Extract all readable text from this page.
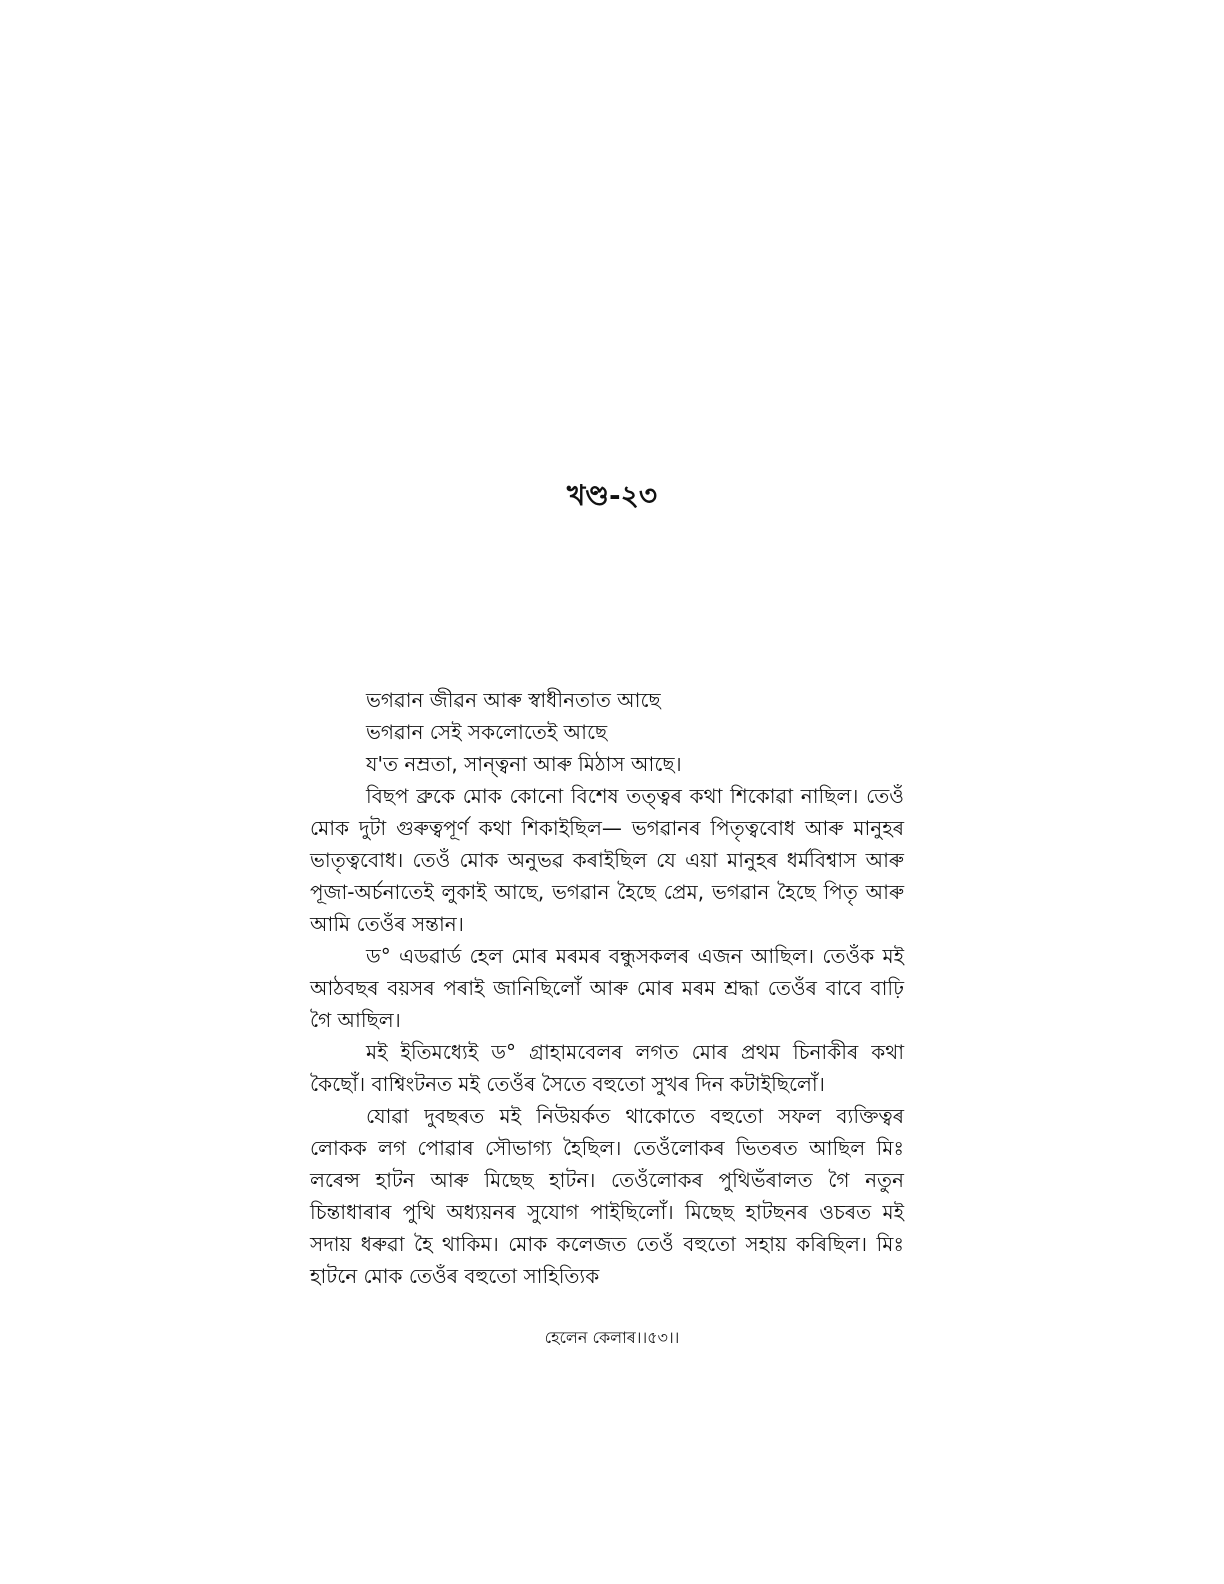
খণ্ড-২৩

ভগৱান জীৱন আৰু স্বাধীনতাত আছে

ভগৱান সেই সকলোতেই আছে

য'ত নম্রতা, সান্ত্বনা আৰু মিঠাস আছে।

বিছপ ব্রুকে মোক কোনো বিশেষ তত্ত্বৰ কথা শিকোৱা নাছিল। তেওঁ মোক দুটা গুৰুত্বপূৰ্ণ কথা শিকাইছিল— ভগৱানৰ পিতৃত্ববোধ আৰু মানুহৰ ভাতৃত্ববোধ। তেওঁ মোক অনুভৱ কৰাইছিল যে এয়া মানুহৰ ধৰ্মবিশ্বাস আৰু পূজা-অৰ্চনাতেই লুকাই আছে, ভগৱান হৈছে প্ৰেম, ভগৱান হৈছে পিতৃ আৰু আমি তেওঁৰ সন্তান।

ড° এডৱাৰ্ড হেল মোৰ মৰমৰ বন্ধুসকলৰ এজন আছিল। তেওঁক মই আঠবছৰ বয়সৰ পৰাই জানিছিলোঁ আৰু মোৰ মৰম শ্ৰদ্ধা তেওঁৰ বাবে বাঢ়ি গৈ আছিল।

মই ইতিমধ্যেই ড° গ্ৰাহামবেলৰ লগত মোৰ প্ৰথম চিনাকীৰ কথা কৈছোঁ। বাশ্বিংটনত মই তেওঁৰ সৈতে বহুতো সুখৰ দিন কটাইছিলোঁ।

যোৱা দুবছৰত মই নিউয়ৰ্কত থাকোতে বহুতো সফল ব্যক্তিত্বৰ লোকক লগ পোৱাৰ সৌভাগ্য হৈছিল। তেওঁলোকৰ ভিতৰত আছিল মিঃ লৰেন্স হাটন আৰু মিছেছ হাটন। তেওঁলোকৰ পুথিভঁৰালত গৈ নতুন চিন্তাধাৰাৰ পুথি অধ্যয়নৰ সুযোগ পাইছিলোঁ। মিছেছ হাটছনৰ ওচৰত মই সদায় ধৰুৱা হৈ থাকিম। মোক কলেজত তেওঁ বহুতো সহায় কৰিছিল। মিঃ হাটনে মোক তেওঁৰ বহুতো সাহিত্যিক

হেলেন কেলাৰ।।৫৩।।
